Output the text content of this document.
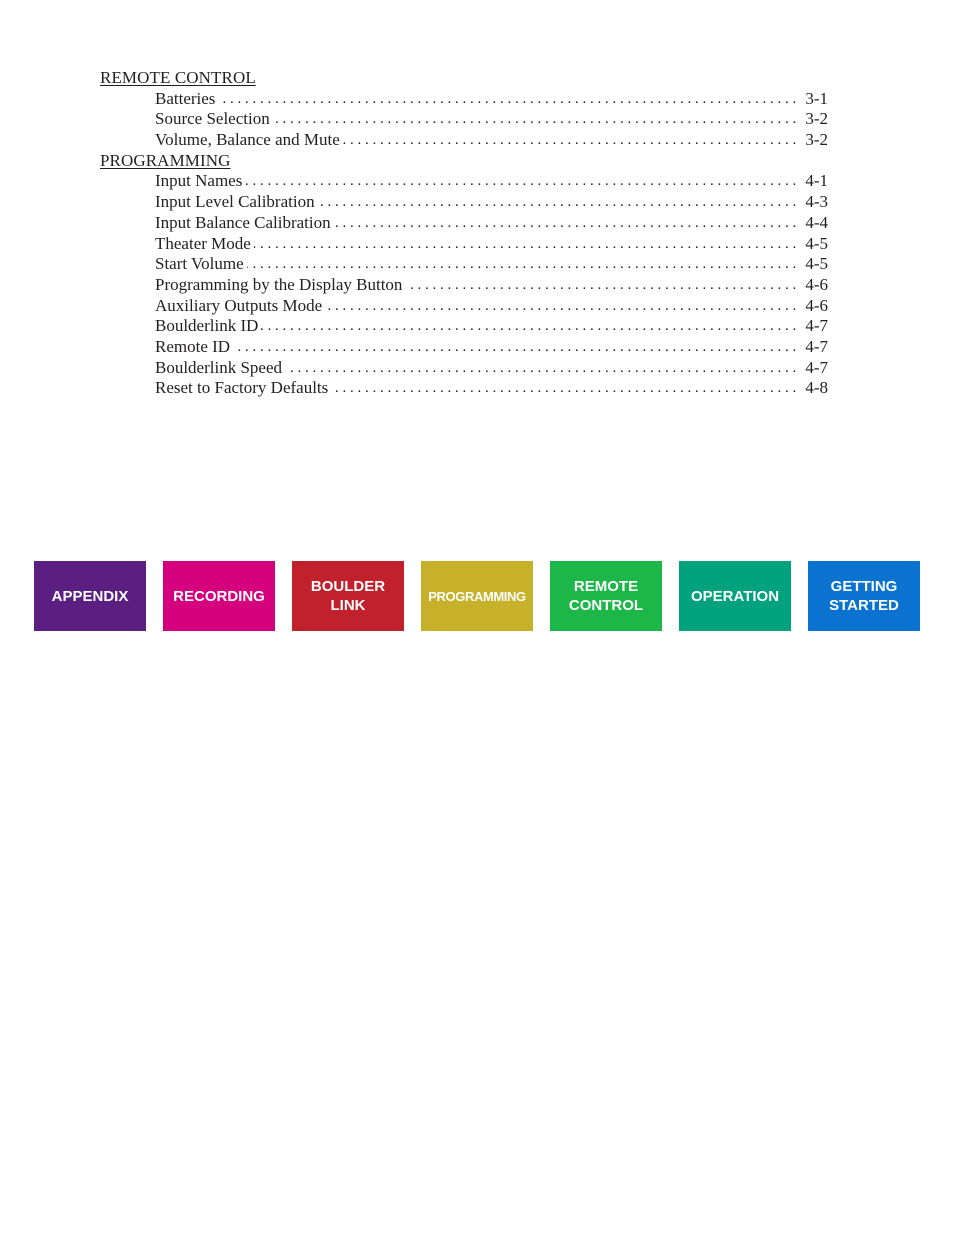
REMOTE CONTROL
. . .
Batteries	3-1
. . .
Source Selection	3-2
. . .
Volume, Balance and Mute	3-2
PROGRAMMING
. . .
Input Names	4-1
. . .
Input Level Calibration	4-3
. . .
Input Balance Calibration	4-4
. . .
Theater Mode	4-5
. . .
Start Volume	4-5
. . .
Programming by the Display Button	4-6
. . .
Auxiliary Outputs Mode	4-6
. . .
Boulderlink ID	4-7
. . .
Remote ID	4-7
. . .
Boulderlink Speed	4-7
. . .
Reset to Factory Defaults	4-8
APPENDIX	RECORDING
BOULDER
LINK
PROGRAMMING
REMOTE
CONTROL
OPERATION
GETTING
STARTED
